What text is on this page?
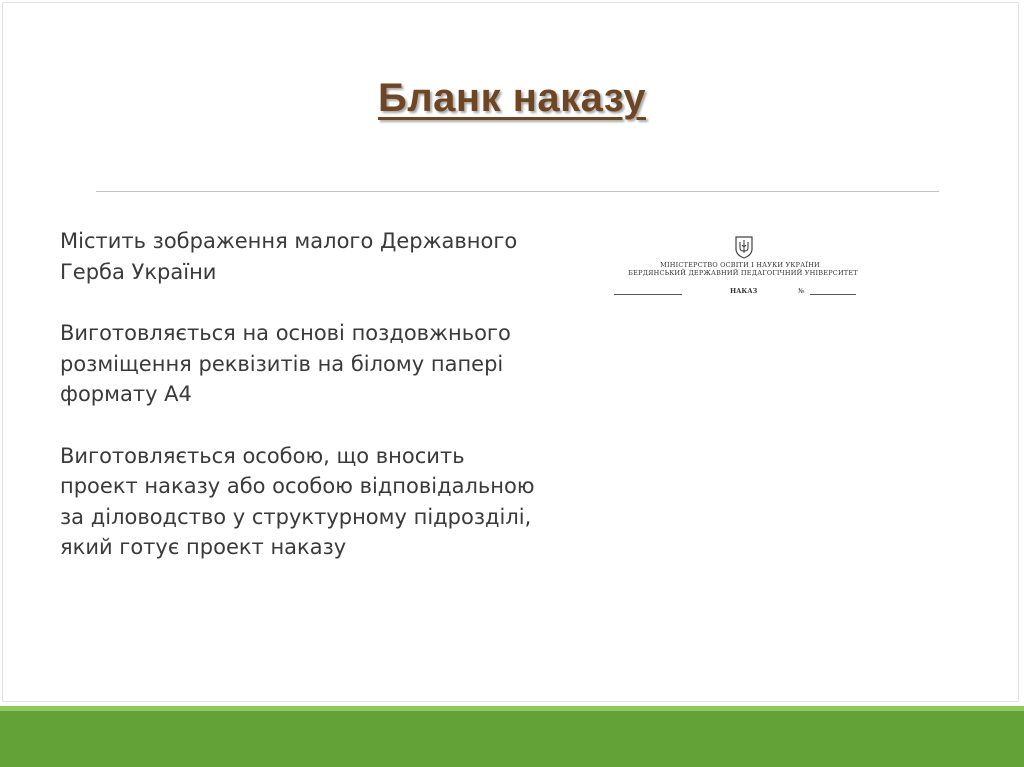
Бланк наказу

Містить зображення малого Державного Герба України

Виготовляється на основі поздовжнього розміщення реквізитів на білому папері формату А4

Виготовляється особою, що вносить проект наказу або особою відповідальною за діловодство у структурному підрозділі, який готує проект наказу

МІНІСТЕРСТВО ОСВІТИ І НАУКИ УКРАЇНИ
БЕРДЯНСЬКИЙ ДЕРЖАВНИЙ ПЕДАГОГІЧНИЙ УНІВЕРСИТЕТ
НАКАЗ	№
